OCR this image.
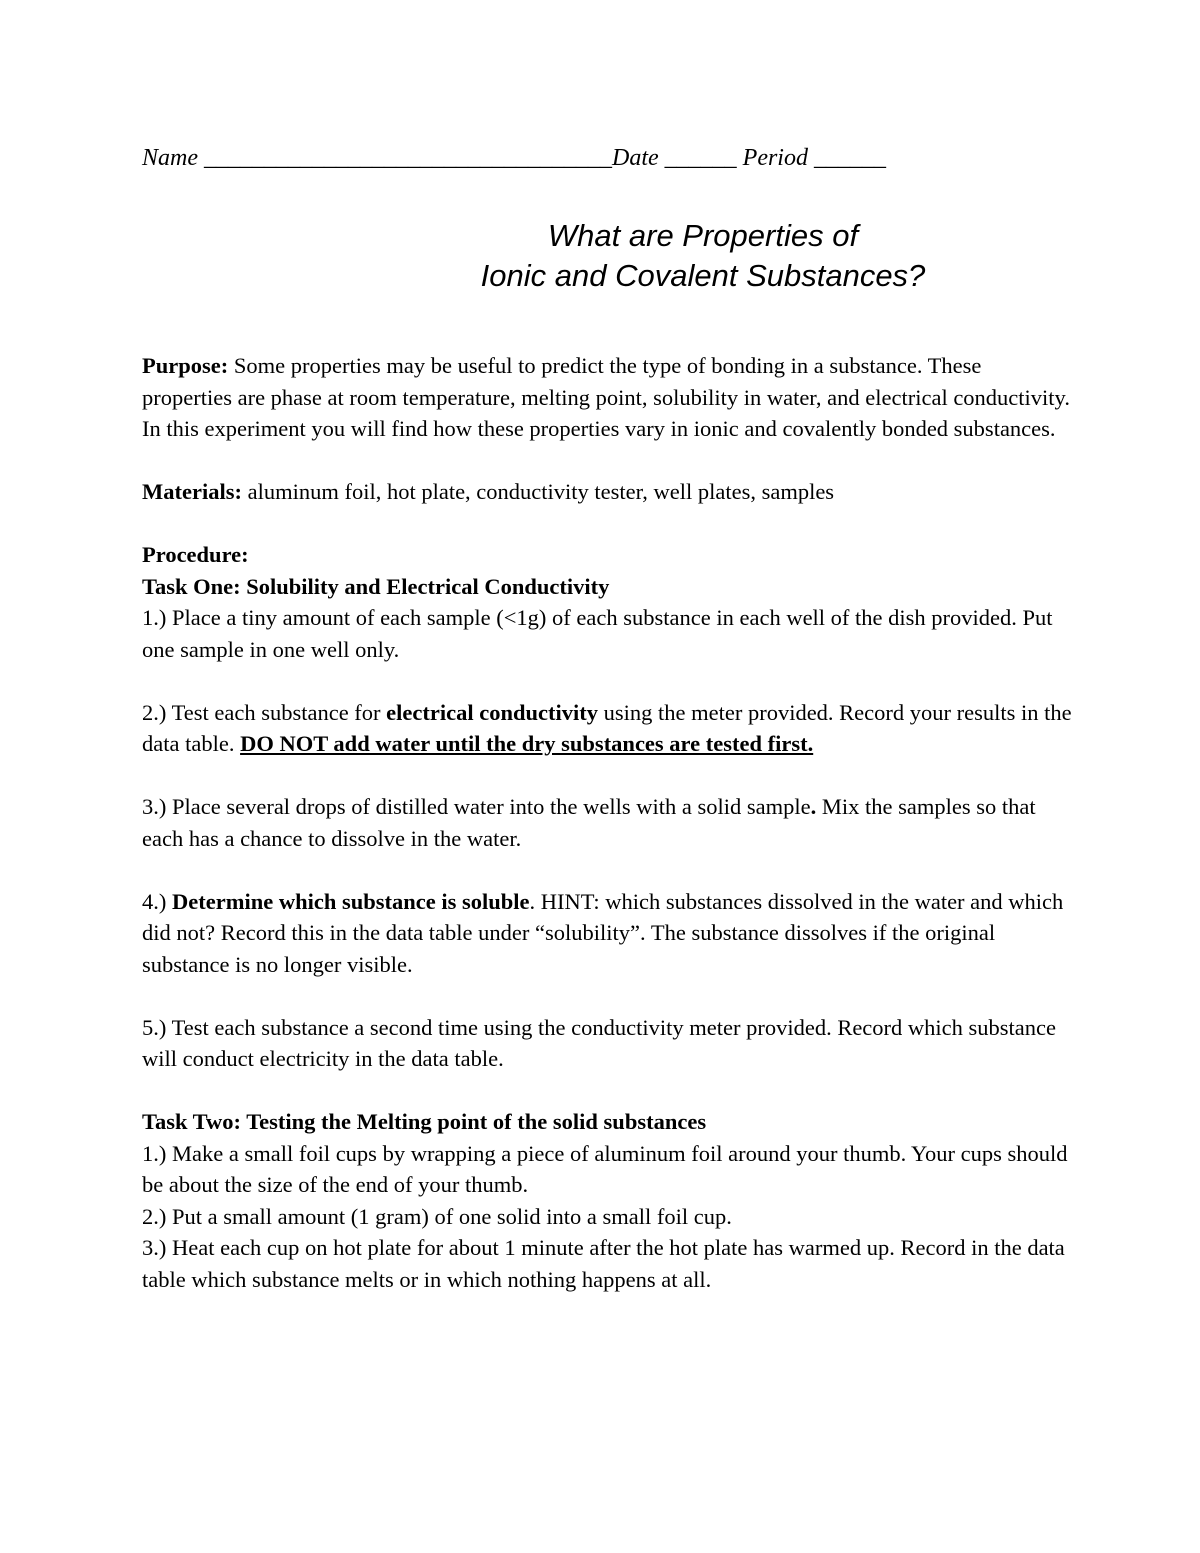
Name __________________________________Date ______ Period ______
What are Properties of
Ionic and Covalent Substances?

Purpose: Some properties may be useful to predict the type of bonding in a substance. These properties are phase at room temperature, melting point, solubility in water, and electrical conductivity. In this experiment you will find how these properties vary in ionic and covalently bonded substances.

Materials: aluminum foil, hot plate, conductivity tester, well plates, samples

Procedure:

Task One: Solubility and Electrical Conductivity

1.) Place a tiny amount of each sample (<1g) of each substance in each well of the dish provided. Put one sample in one well only.

2.) Test each substance for electrical conductivity using the meter provided. Record your results in the data table. DO NOT add water until the dry substances are tested first.

3.) Place several drops of distilled water into the wells with a solid sample. Mix the samples so that each has a chance to dissolve in the water.

4.) Determine which substance is soluble. HINT: which substances dissolved in the water and which did not? Record this in the data table under “solubility”. The substance dissolves if the original substance is no longer visible.

5.) Test each substance a second time using the conductivity meter provided. Record which substance will conduct electricity in the data table.

Task Two: Testing the Melting point of the solid substances

1.) Make a small foil cups by wrapping a piece of aluminum foil around your thumb. Your cups should be about the size of the end of your thumb.

2.) Put a small amount (1 gram) of one solid into a small foil cup.

3.) Heat each cup on hot plate for about 1 minute after the hot plate has warmed up. Record in the data table which substance melts or in which nothing happens at all.
